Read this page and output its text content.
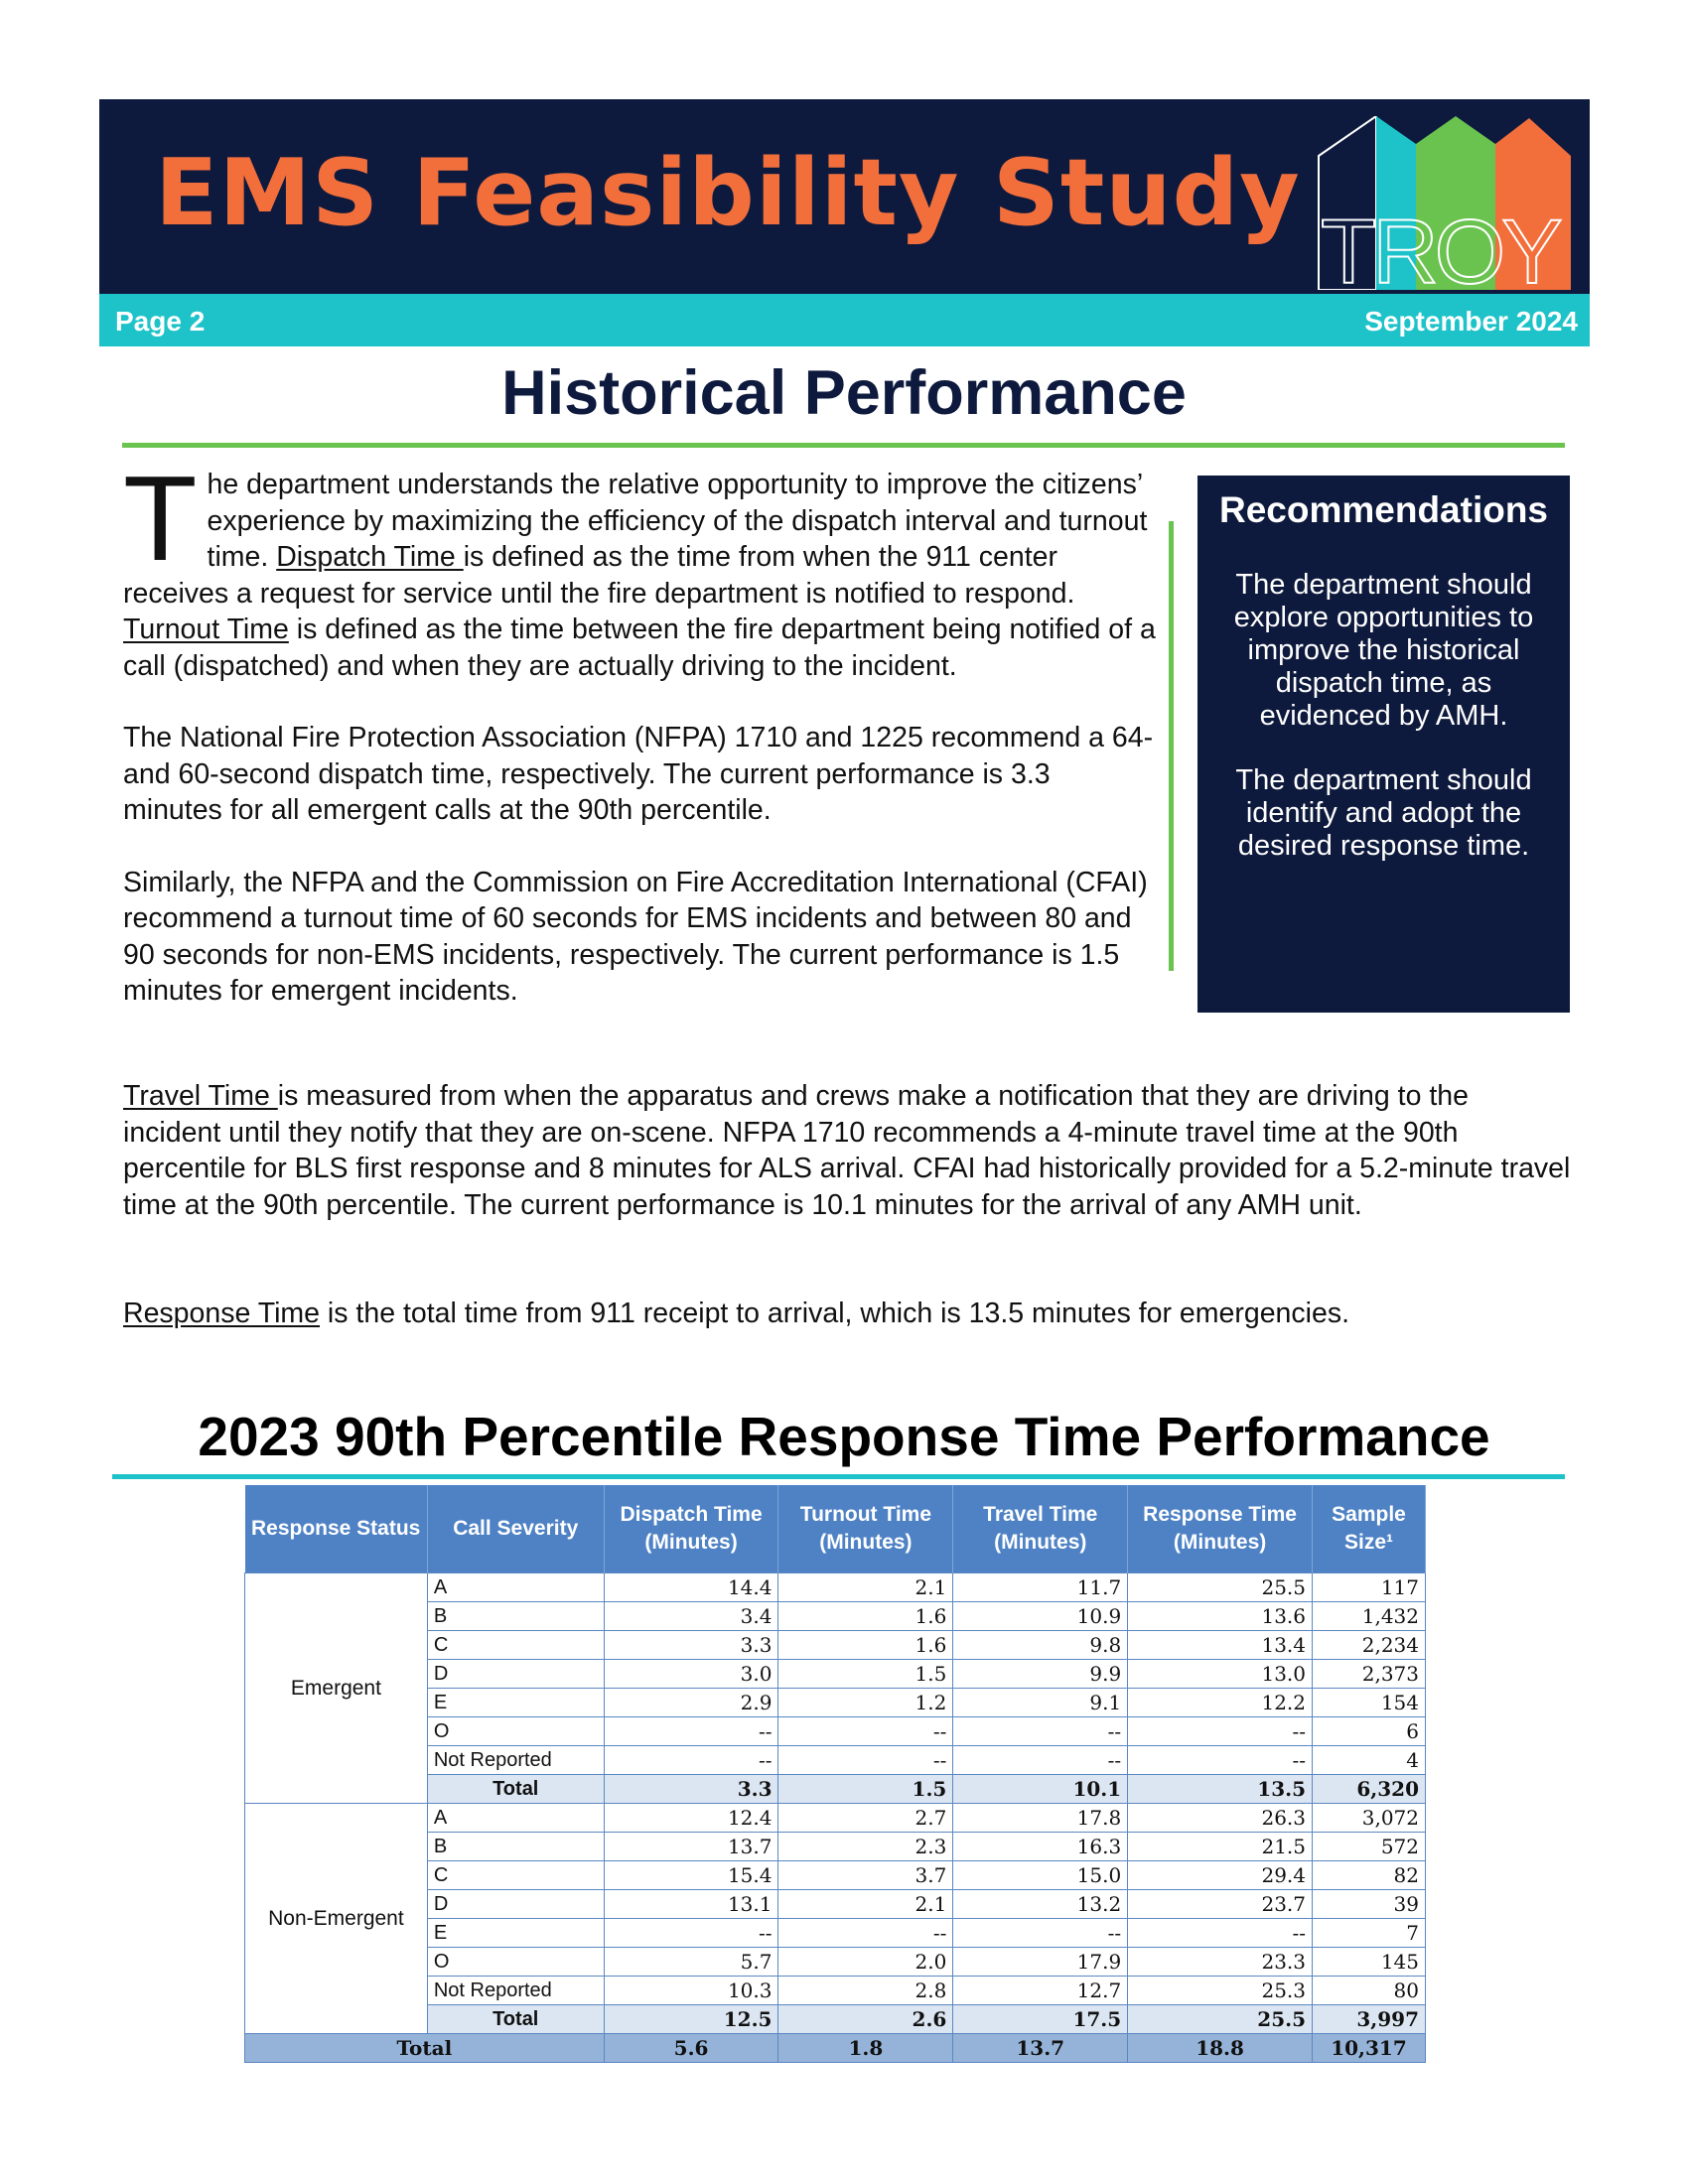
EMS Feasibility Study
TROY
Page 2	September 2024
Historical Performance

The department understands the relative opportunity to improve the citizens’ experience by maximizing the efficiency of the dispatch interval and turnout time. Dispatch Time is defined as the time from when the 911 center receives a request for service until the fire department is notified to respond. Turnout Time is defined as the time between the fire department being notified of a call (dispatched) and when they are actually driving to the incident.

The National Fire Protection Association (NFPA) 1710 and 1225 recommend a 64- and 60-second dispatch time, respectively. The current performance is 3.3 minutes for all emergent calls at the 90th percentile.

Similarly, the NFPA and the Commission on Fire Accreditation International (CFAI) recommend a turnout time of 60 seconds for EMS incidents and between 80 and 90 seconds for non-EMS incidents, respectively. The current performance is 1.5 minutes for emergent incidents.

Recommendations

The department should explore opportunities to improve the historical dispatch time, as evidenced by AMH.

The department should identify and adopt the desired response time.

Travel Time is measured from when the apparatus and crews make a notification that they are driving to the incident until they notify that they are on-scene. NFPA 1710 recommends a 4-minute travel time at the 90th percentile for BLS first response and 8 minutes for ALS arrival. CFAI had historically provided for a 5.2-minute travel time at the 90th percentile. The current performance is 10.1 minutes for the arrival of any AMH unit.
Response Time is the total time from 911 receipt to arrival, which is 13.5 minutes for emergencies.
2023 90th Percentile Response Time Performance
Response Status	Call Severity	Dispatch Time (Minutes)	Turnout Time (Minutes)	Travel Time (Minutes)	Response Time (Minutes)	Sample Size¹
Emergent	A	14.4	2.1	11.7	25.5	117
	B	3.4	1.6	10.9	13.6	1,432
	C	3.3	1.6	9.8	13.4	2,234
	D	3.0	1.5	9.9	13.0	2,373
	E	2.9	1.2	9.1	12.2	154
	O	--	--	--	--	6
	Not Reported	--	--	--	--	4
	Total	3.3	1.5	10.1	13.5	6,320
Non-Emergent	A	12.4	2.7	17.8	26.3	3,072
	B	13.7	2.3	16.3	21.5	572
	C	15.4	3.7	15.0	29.4	82
	D	13.1	2.1	13.2	23.7	39
	E	--	--	--	--	7
	O	5.7	2.0	17.9	23.3	145
	Not Reported	10.3	2.8	12.7	25.3	80
	Total	12.5	2.6	17.5	25.5	3,997
Total		5.6	1.8	13.7	18.8	10,317
